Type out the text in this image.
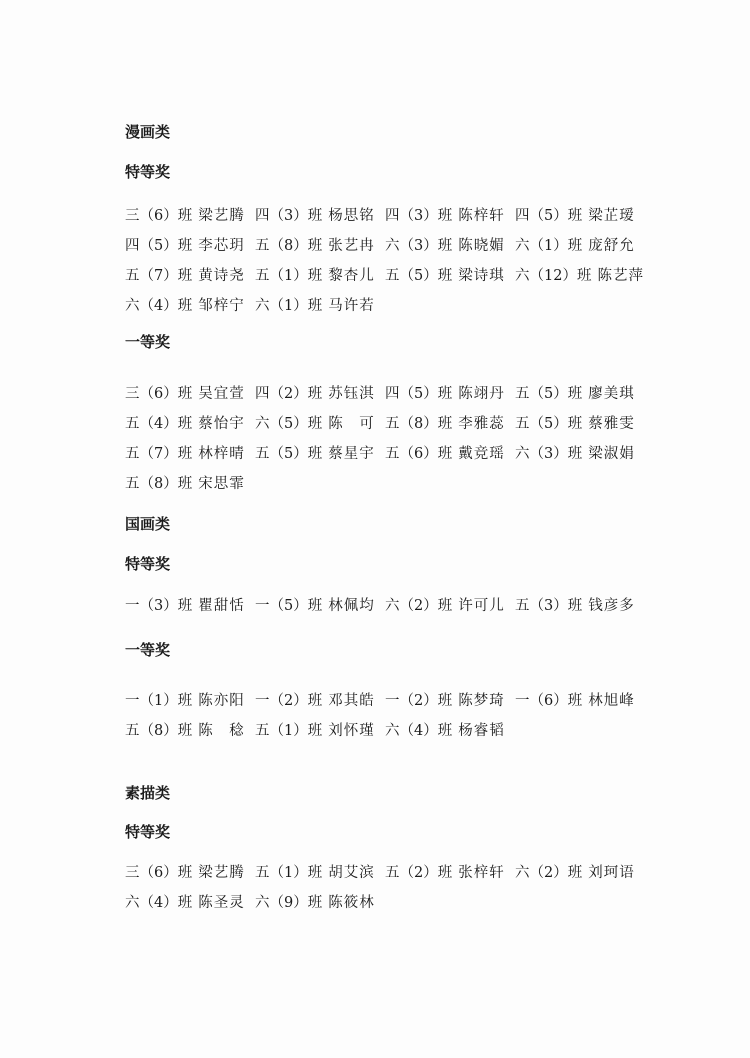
漫画类

特等奖

三（6）班 梁艺腾 四（3）班 杨思铭 四（3）班 陈梓轩 四（5）班 梁芷瑷
四（5）班 李芯玥 五（8）班 张艺冉 六（3）班 陈晓媚 六（1）班 庞舒允
五（7）班 黄诗尧 五（1）班 黎杏儿 五（5）班 梁诗琪 六（12）班 陈艺萍
六（4）班 邹梓宁 六（1）班 马许若

一等奖

三（6）班 吴宜萱 四（2）班 苏钰淇 四（5）班 陈翊丹 五（5）班 廖美琪
五（4）班 蔡怡宇 六（5）班 陈　可 五（8）班 李雅蕊 五（5）班 蔡雅雯
五（7）班 林梓晴 五（5）班 蔡星宇 五（6）班 戴竞瑶 六（3）班 梁淑娟
五（8）班 宋思霏

国画类

特等奖

一（3）班 瞿甜恬 一（5）班 林佩均 六（2）班 许可儿 五（3）班 钱彦多

一等奖

一（1）班 陈亦阳 一（2）班 邓其皓 一（2）班 陈梦琦 一（6）班 林旭峰
五（8）班 陈　稔 五（1）班 刘怀瑾 六（4）班 杨睿韬

素描类

特等奖

三（6）班 梁艺腾 五（1）班 胡艾滨 五（2）班 张梓轩 六（2）班 刘珂语
六（4）班 陈圣灵 六（9）班 陈筱林
